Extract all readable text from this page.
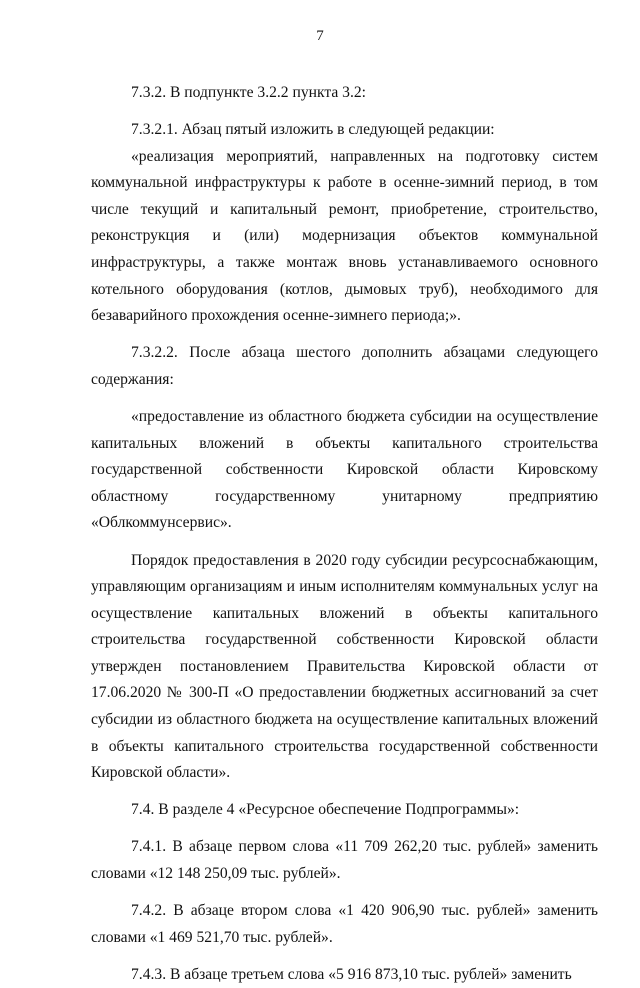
7

7.3.2. В подпункте 3.2.2 пункта 3.2:

7.3.2.1. Абзац пятый изложить в следующей редакции:

«реализация мероприятий, направленных на подготовку систем коммунальной инфраструктуры к работе в осенне-зимний период, в том числе текущий и капитальный ремонт, приобретение, строительство, реконструкция и (или) модернизация объектов коммунальной инфраструктуры, а также монтаж вновь устанавливаемого основного котельного оборудования (котлов, дымовых труб), необходимого для безаварийного прохождения осенне-зимнего периода;».

7.3.2.2. После абзаца шестого дополнить абзацами следующего содержания:

«предоставление из областного бюджета субсидии на осуществление капитальных вложений в объекты капитального строительства государственной собственности Кировской области Кировскому областному государственному унитарному предприятию «Облкоммунсервис».

Порядок предоставления в 2020 году субсидии ресурсоснабжающим, управляющим организациям и иным исполнителям коммунальных услуг на осуществление капитальных вложений в объекты капитального строительства государственной собственности Кировской области утвержден постановлением Правительства Кировской области от 17.06.2020 № 300-П «О предоставлении бюджетных ассигнований за счет субсидии из областного бюджета на осуществление капитальных вложений в объекты капитального строительства государственной собственности Кировской области».

7.4. В разделе 4 «Ресурсное обеспечение Подпрограммы»:

7.4.1. В абзаце первом слова «11 709 262,20 тыс. рублей» заменить словами «12 148 250,09 тыс. рублей».

7.4.2. В абзаце втором слова «1 420 906,90 тыс. рублей» заменить словами «1 469 521,70 тыс. рублей».

7.4.3. В абзаце третьем слова «5 916 873,10 тыс. рублей» заменить
